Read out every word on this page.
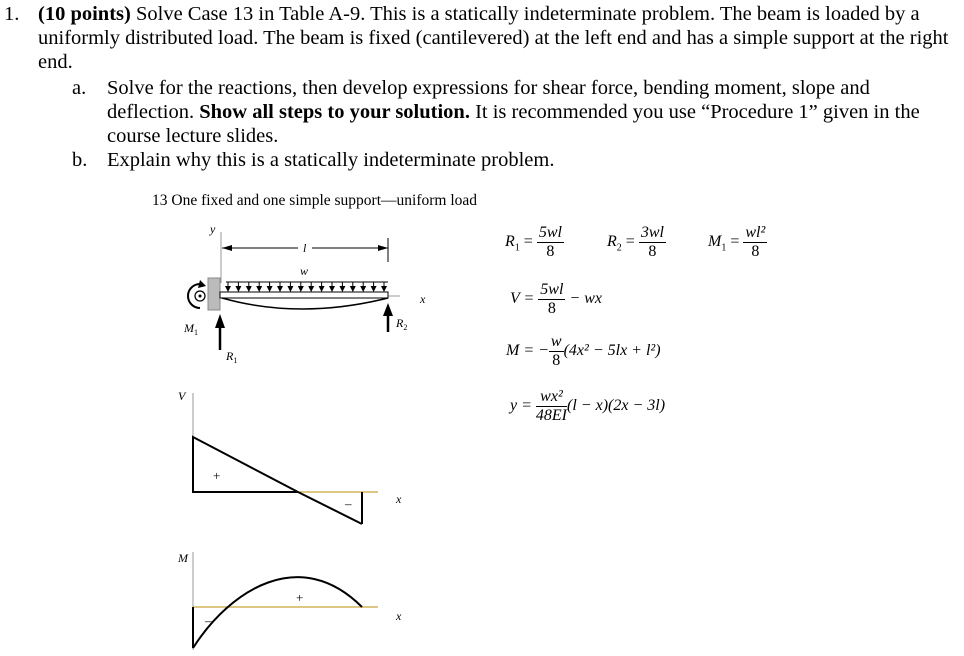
1. (10 points) Solve Case 13 in Table A-9. This is a statically indeterminate problem. The beam is loaded by a uniformly distributed load. The beam is fixed (cantilevered) at the left end and has a simple support at the right end.
a. Solve for the reactions, then develop expressions for shear force, bending moment, slope and deflection. Show all steps to your solution. It is recommended you use “Procedure 1” given in the course lecture slides.
b. Explain why this is a statically indeterminate problem.
13 One fixed and one simple support—uniform load
y
l
w
x
$M_1$
$R_1$
$R_2$
V
+
–	x
M
+
–	x
$R_1 = \frac{5wl}{8}$	$R_2 = \frac{3wl}{8}$	$M_1 = \frac{\text{wl²}}{8}$
$V = \frac{5wl}{8}$ − wx
M = − $\frac{w}{8} (4x^2 - 5lx + l^2)$
$y = \frac{\text{wx²}}{48EI} (l - x)(2x - 3l)$
